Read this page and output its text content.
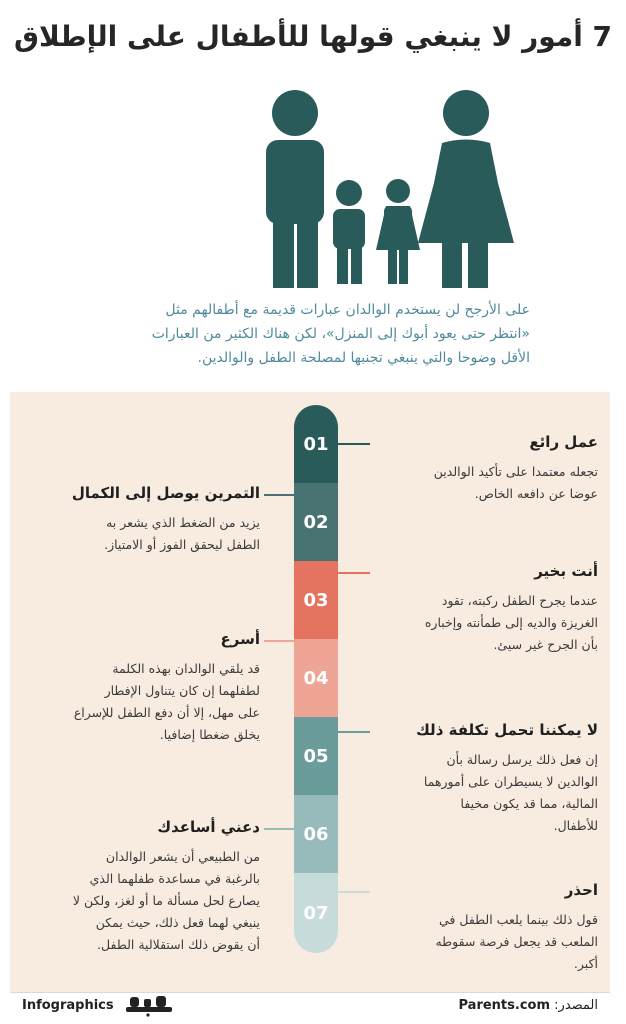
7 أمور لا ينبغي قولها للأطفال على الإطلاق
على الأرجح لن يستخدم الوالدان عبارات قديمة مع أطفالهم مثل
«انتظر حتى يعود أبوك إلى المنزل»، لكن هناك الكثير من العبارات
الأقل وضوحا والتي ينبغي تجنبها لمصلحة الطفل والوالدين.
01
02
03
04
05
06
07
عمل رائع
تجعله معتمدا على تأكيد الوالدين
عوضا عن دافعه الخاص.
أنت بخير
عندما يجرح الطفل ركبته، تقود
الغريزة والديه إلى طمأنته وإخباره
بأن الجرح غير سيئ.
لا يمكننا تحمل تكلفة ذلك
إن فعل ذلك يرسل رسالة بأن
الوالدين لا يسيطران على أمورهما
المالية، مما قد يكون مخيفا
للأطفال.
احذر
قول ذلك بينما يلعب الطفل في
الملعب قد يجعل فرصة سقوطه
أكبر.
التمرين يوصل إلى الكمال
يزيد من الضغط الذي يشعر به
الطفل ليحقق الفوز أو الامتياز.
أسرع
قد يلقي الوالدان بهذه الكلمة
لطفلهما إن كان يتناول الإفطار
على مهل، إلا أن دفع الطفل للإسراع
يخلق ضغطا إضافيا.
دعني أساعدك
من الطبيعي أن يشعر الوالدان
بالرغبة في مساعدة طفلهما الذي
يصارع لحل مسألة ما أو لغز، ولكن لا
ينبغي لهما فعل ذلك، حيث يمكن
أن يقوض ذلك استقلالية الطفل.
Infographics	المصدر: Parents.com
